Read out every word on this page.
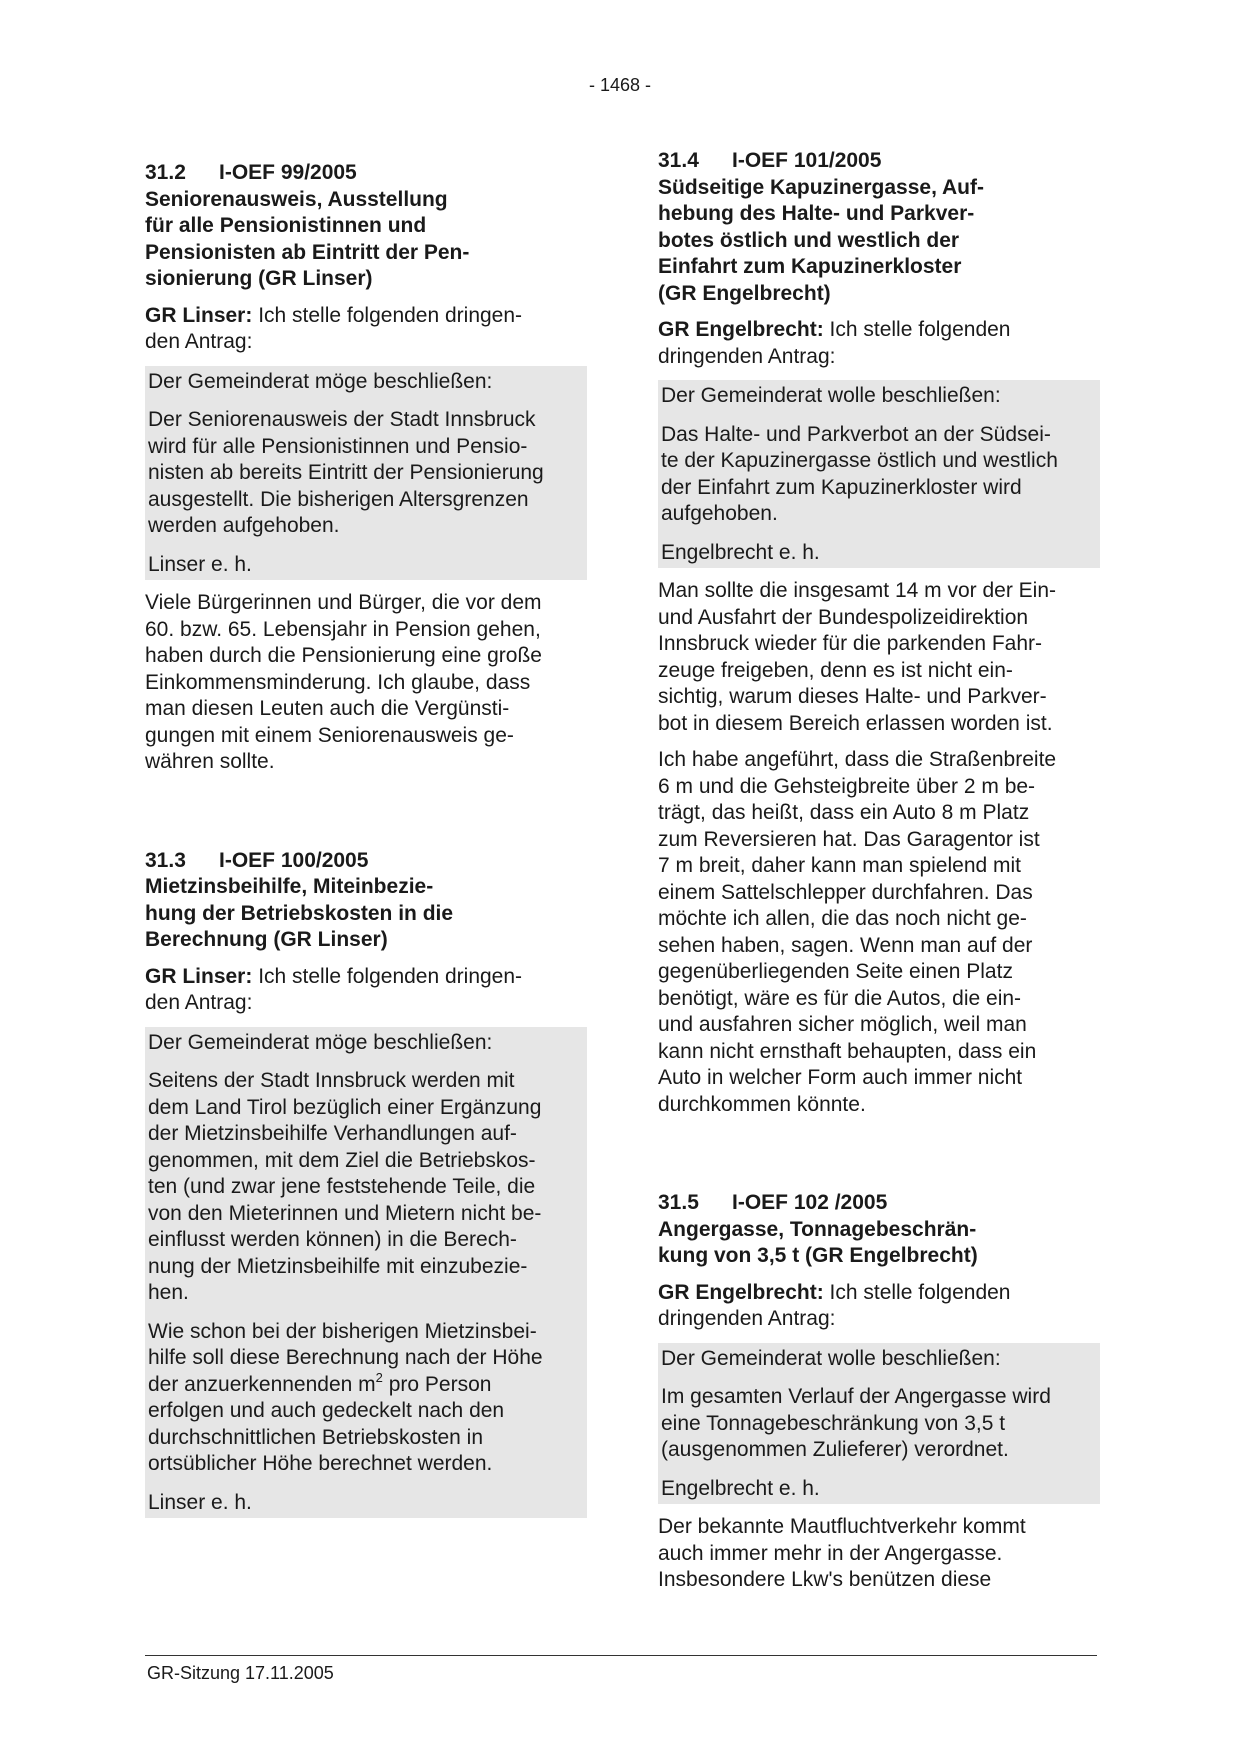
- 1468 -
31.2	I-OEF 99/2005
Seniorenausweis, Ausstellung
für alle Pensionistinnen und
Pensionisten ab Eintritt der Pen-
sionierung (GR Linser)
GR Linser: Ich stelle folgenden dringen-
den Antrag:
Der Gemeinderat möge beschließen:
Der Seniorenausweis der Stadt Innsbruck
wird für alle Pensionistinnen und Pensio-
nisten ab bereits Eintritt der Pensionierung
ausgestellt. Die bisherigen Altersgrenzen
werden aufgehoben.
Linser e. h.
Viele Bürgerinnen und Bürger, die vor dem
60. bzw. 65. Lebensjahr in Pension gehen,
haben durch die Pensionierung eine große
Einkommensminderung. Ich glaube, dass
man diesen Leuten auch die Vergünsti-
gungen mit einem Seniorenausweis ge-
währen sollte.
31.3	I-OEF 100/2005
Mietzinsbeihilfe, Miteinbezie-
hung der Betriebskosten in die
Berechnung (GR Linser)
GR Linser: Ich stelle folgenden dringen-
den Antrag:
Der Gemeinderat möge beschließen:
Seitens der Stadt Innsbruck werden mit
dem Land Tirol bezüglich einer Ergänzung
der Mietzinsbeihilfe Verhandlungen auf-
genommen, mit dem Ziel die Betriebskos-
ten (und zwar jene feststehende Teile, die
von den Mieterinnen und Mietern nicht be-
einflusst werden können) in die Berech-
nung der Mietzinsbeihilfe mit einzubezie-
hen.
Wie schon bei der bisherigen Mietzinsbei-
hilfe soll diese Berechnung nach der Höhe
der anzuerkennenden $m^2$ pro Person
erfolgen und auch gedeckelt nach den
durchschnittlichen Betriebskosten in
ortsüblicher Höhe berechnet werden.
Linser e. h.
31.4	I-OEF 101/2005
Südseitige Kapuzinergasse, Auf-
hebung des Halte- und Parkver-
botes östlich und westlich der
Einfahrt zum Kapuzinerkloster
(GR Engelbrecht)
GR Engelbrecht: Ich stelle folgenden
dringenden Antrag:
Der Gemeinderat wolle beschließen:
Das Halte- und Parkverbot an der Südsei-
te der Kapuzinergasse östlich und westlich
der Einfahrt zum Kapuzinerkloster wird
aufgehoben.
Engelbrecht e. h.
Man sollte die insgesamt 14 m vor der Ein-
und Ausfahrt der Bundespolizeidirektion
Innsbruck wieder für die parkenden Fahr-
zeuge freigeben, denn es ist nicht ein-
sichtig, warum dieses Halte- und Parkver-
bot in diesem Bereich erlassen worden ist.
Ich habe angeführt, dass die Straßenbreite
6 m und die Gehsteigbreite über 2 m be-
trägt, das heißt, dass ein Auto 8 m Platz
zum Reversieren hat. Das Garagentor ist
7 m breit, daher kann man spielend mit
einem Sattelschlepper durchfahren. Das
möchte ich allen, die das noch nicht ge-
sehen haben, sagen. Wenn man auf der
gegenüberliegenden Seite einen Platz
benötigt, wäre es für die Autos, die ein-
und ausfahren sicher möglich, weil man
kann nicht ernsthaft behaupten, dass ein
Auto in welcher Form auch immer nicht
durchkommen könnte.
31.5	I-OEF 102 /2005
Angergasse, Tonnagebeschrän-
kung von 3,5 t (GR Engelbrecht)
GR Engelbrecht: Ich stelle folgenden
dringenden Antrag:
Der Gemeinderat wolle beschließen:
Im gesamten Verlauf der Angergasse wird
eine Tonnagebeschränkung von 3,5 t
(ausgenommen Zulieferer) verordnet.
Engelbrecht e. h.
Der bekannte Mautfluchtverkehr kommt
auch immer mehr in der Angergasse.
Insbesondere Lkw's benützen diese
GR-Sitzung 17.11.2005
